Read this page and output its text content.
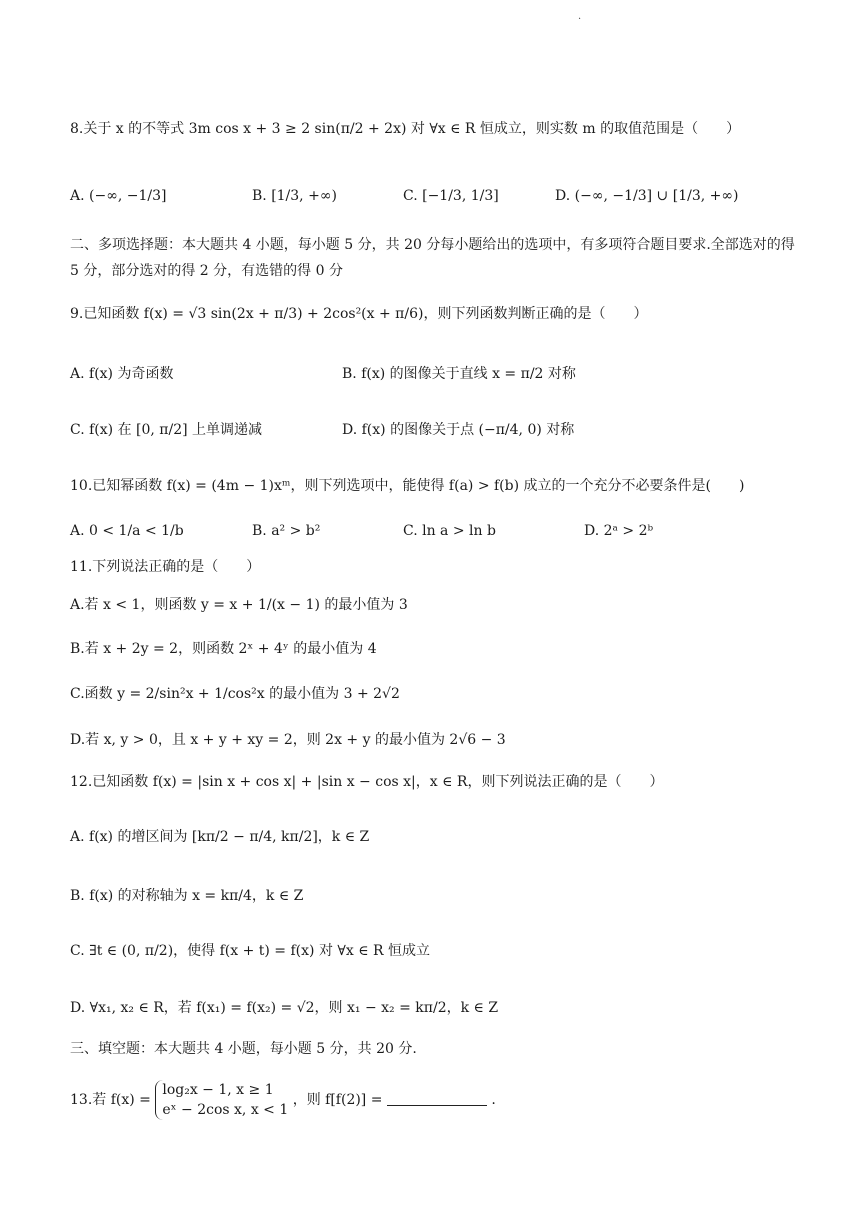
·
8.关于 x 的不等式 3m cos x + 3 ≥ 2 sin(π/2 + 2x) 对 ∀x ∈ R 恒成立，则实数 m 的取值范围是（　　）
A. (−∞, −1/3]	B. [1/3, +∞)	C. [−1/3, 1/3]	D. (−∞, −1/3] ∪ [1/3, +∞)
二、多项选择题：本大题共 4 小题，每小题 5 分，共 20 分每小题给出的选项中，有多项符合题目要求.全部选对的得 5 分，部分选对的得 2 分，有选错的得 0 分
9.已知函数 f(x) = √3 sin(2x + π/3) + 2cos²(x + π/6)，则下列函数判断正确的是（　　）
A. f(x) 为奇函数	B. f(x) 的图像关于直线 x = π/2 对称
C. f(x) 在 [0, π/2] 上单调递减	D. f(x) 的图像关于点 (−π/4, 0) 对称
10.已知幂函数 f(x) = (4m − 1)xᵐ，则下列选项中，能使得 f(a) > f(b) 成立的一个充分不必要条件是(　　)
A. 0 < 1/a < 1/b	B. a² > b²	C. ln a > ln b	D. 2ᵃ > 2ᵇ
11.下列说法正确的是（　　）
A.若 x < 1，则函数 y = x + 1/(x − 1) 的最小值为 3
B.若 x + 2y = 2，则函数 2ˣ + 4ʸ 的最小值为 4
C.函数 y = 2/sin²x + 1/cos²x 的最小值为 3 + 2√2
D.若 x, y > 0，且 x + y + xy = 2，则 2x + y 的最小值为 2√6 − 3
12.已知函数 f(x) = |sin x + cos x| + |sin x − cos x|，x ∈ R，则下列说法正确的是（　　）
A. f(x) 的增区间为 [kπ/2 − π/4, kπ/2]，k ∈ Z
B. f(x) 的对称轴为 x = kπ/4，k ∈ Z
C. ∃t ∈ (0, π/2)，使得 f(x + t) = f(x) 对 ∀x ∈ R 恒成立
D. ∀x₁, x₂ ∈ R，若 f(x₁) = f(x₂) = √2，则 x₁ − x₂ = kπ/2，k ∈ Z
三、填空题：本大题共 4 小题，每小题 5 分，共 20 分.
13.若 f(x) =
log₂x − 1, x ≥ 1
eˣ − 2cos x, x < 1
，则 f[f(2)] =	.
